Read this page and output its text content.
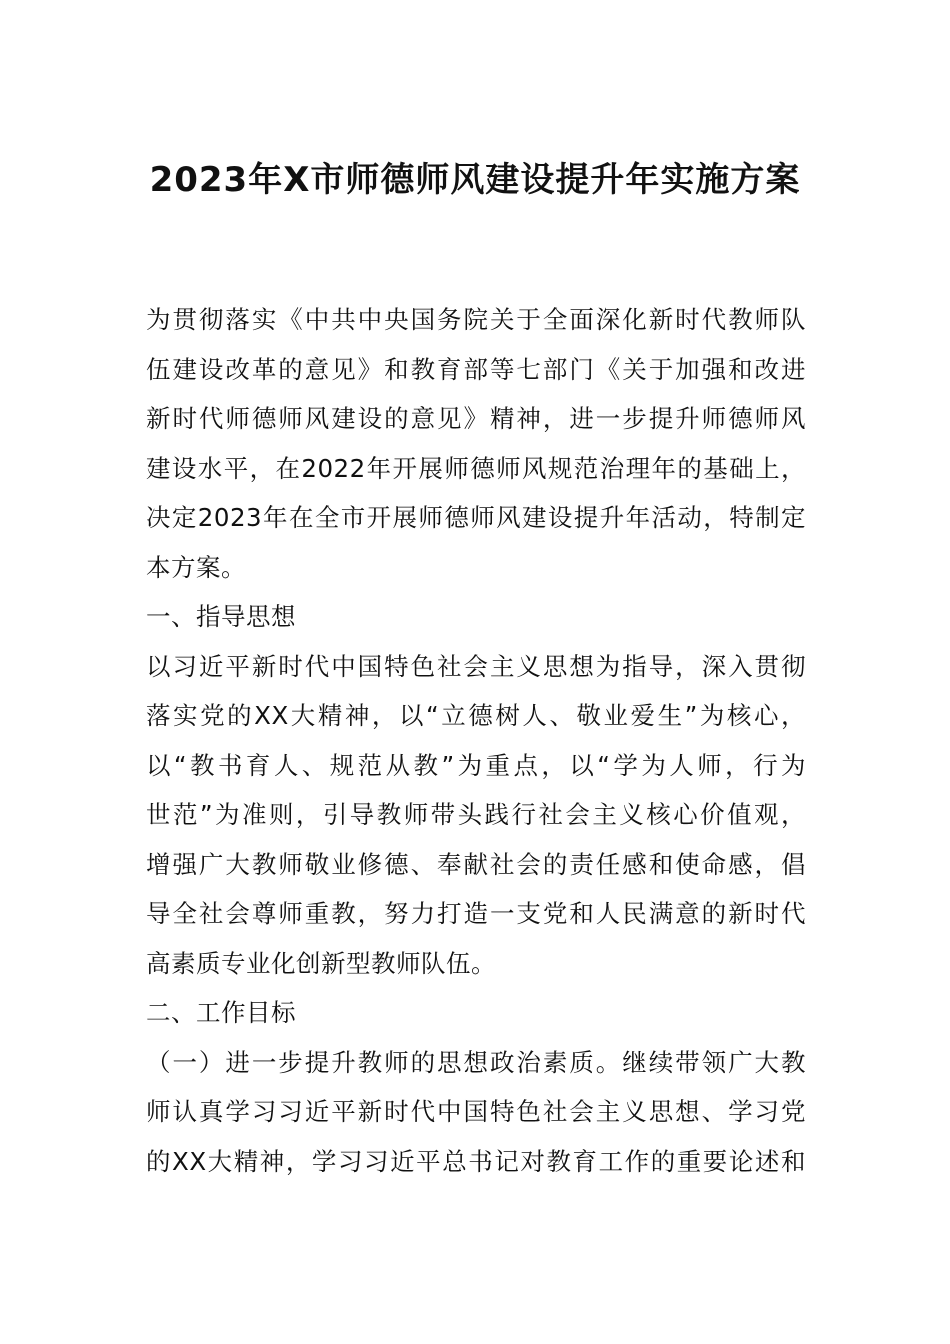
2023年X市师德师风建设提升年实施方案
为贯彻落实《中共中央国务院关于全面深化新时代教师队
伍建设改革的意见》和教育部等七部门《关于加强和改进
新时代师德师风建设的意见》精神，进一步提升师德师风
建设水平，在2022年开展师德师风规范治理年的基础上，
决定2023年在全市开展师德师风建设提升年活动，特制定
本方案。
一、指导思想
以习近平新时代中国特色社会主义思想为指导，深入贯彻
落实党的XX大精神，以“立德树人、敬业爱生”为核心，
以“教书育人、规范从教”为重点，以“学为人师，行为
世范”为准则，引导教师带头践行社会主义核心价值观，
增强广大教师敬业修德、奉献社会的责任感和使命感，倡
导全社会尊师重教，努力打造一支党和人民满意的新时代
高素质专业化创新型教师队伍。
二、工作目标
（一）进一步提升教师的思想政治素质。继续带领广大教
师认真学习习近平新时代中国特色社会主义思想、学习党
的XX大精神，学习习近平总书记对教育工作的重要论述和
